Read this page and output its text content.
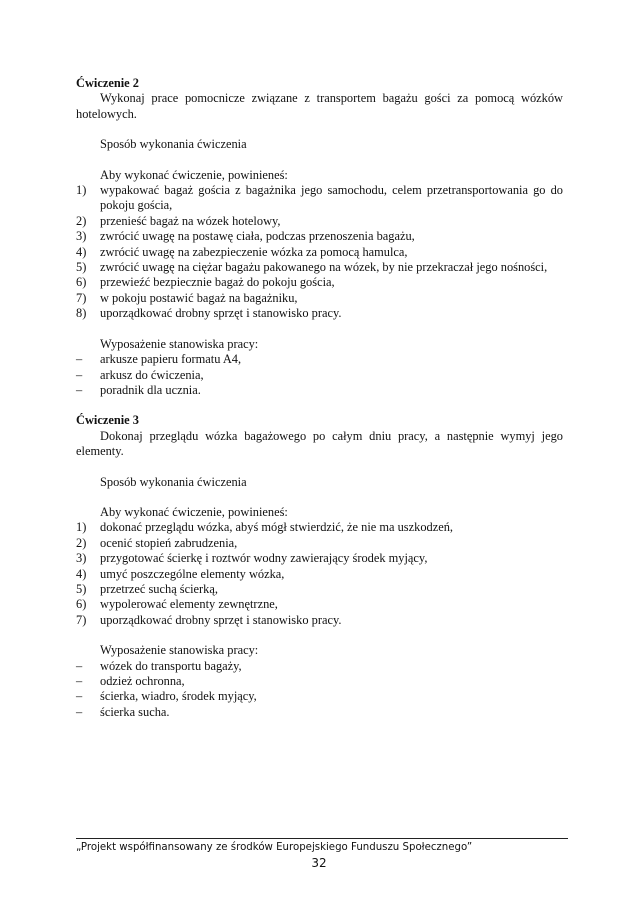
Ćwiczenie 2
Wykonaj prace pomocnicze związane z transportem bagażu gości za pomocą wózków hotelowych.
Sposób wykonania ćwiczenia
Aby wykonać ćwiczenie, powinieneś:
1) wypakować bagaż gościa z bagażnika jego samochodu, celem przetransportowania go do pokoju gościa,
2) przenieść bagaż na wózek hotelowy,
3) zwrócić uwagę na postawę ciała, podczas przenoszenia bagażu,
4) zwrócić uwagę na zabezpieczenie wózka za pomocą hamulca,
5) zwrócić uwagę na ciężar bagażu pakowanego na wózek, by nie przekraczał jego nośności,
6) przewieźć bezpiecznie bagaż do pokoju gościa,
7) w pokoju postawić bagaż na bagażniku,
8) uporządkować drobny sprzęt i stanowisko pracy.
Wyposażenie stanowiska pracy:
–	arkusze papieru formatu A4,
–	arkusz do ćwiczenia,
–	poradnik dla ucznia.
Ćwiczenie 3
Dokonaj przeglądu wózka bagażowego po całym dniu pracy, a następnie wymyj jego elementy.
Sposób wykonania ćwiczenia
Aby wykonać ćwiczenie, powinieneś:
1) dokonać przeglądu wózka, abyś mógł stwierdzić, że nie ma uszkodzeń,
2) ocenić stopień zabrudzenia,
3) przygotować ścierkę i roztwór wodny zawierający środek myjący,
4) umyć poszczególne elementy wózka,
5) przetrzeć suchą ścierką,
6) wypolerować elementy zewnętrzne,
7) uporządkować drobny sprzęt i stanowisko pracy.
Wyposażenie stanowiska pracy:
–	wózek do transportu bagaży,
–	odzież ochronna,
–	ścierka, wiadro, środek myjący,
–	ścierka sucha.
„Projekt współfinansowany ze środków Europejskiego Funduszu Społecznego”
32
